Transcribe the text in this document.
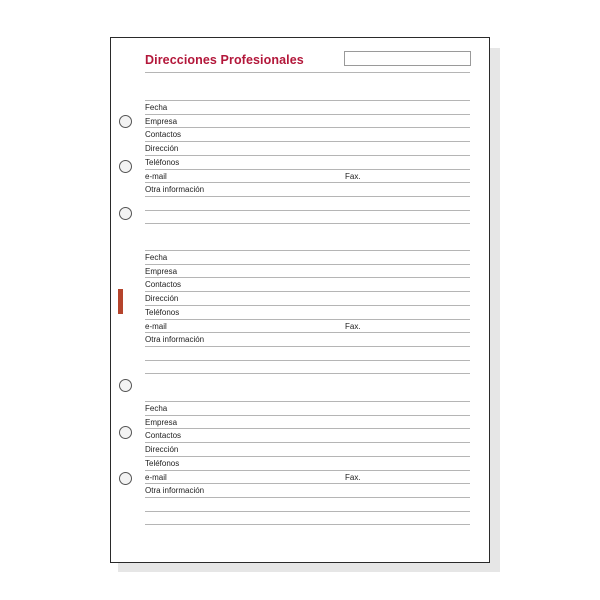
Direcciones Profesionales
Fecha
Empresa
Contactos
Dirección
Teléfonos
e-mail
Otra información
Fax.
Fecha
Empresa
Contactos
Dirección
Teléfonos
e-mail
Otra información
Fax.
Fecha
Empresa
Contactos
Dirección
Teléfonos
e-mail
Otra información
Fax.
